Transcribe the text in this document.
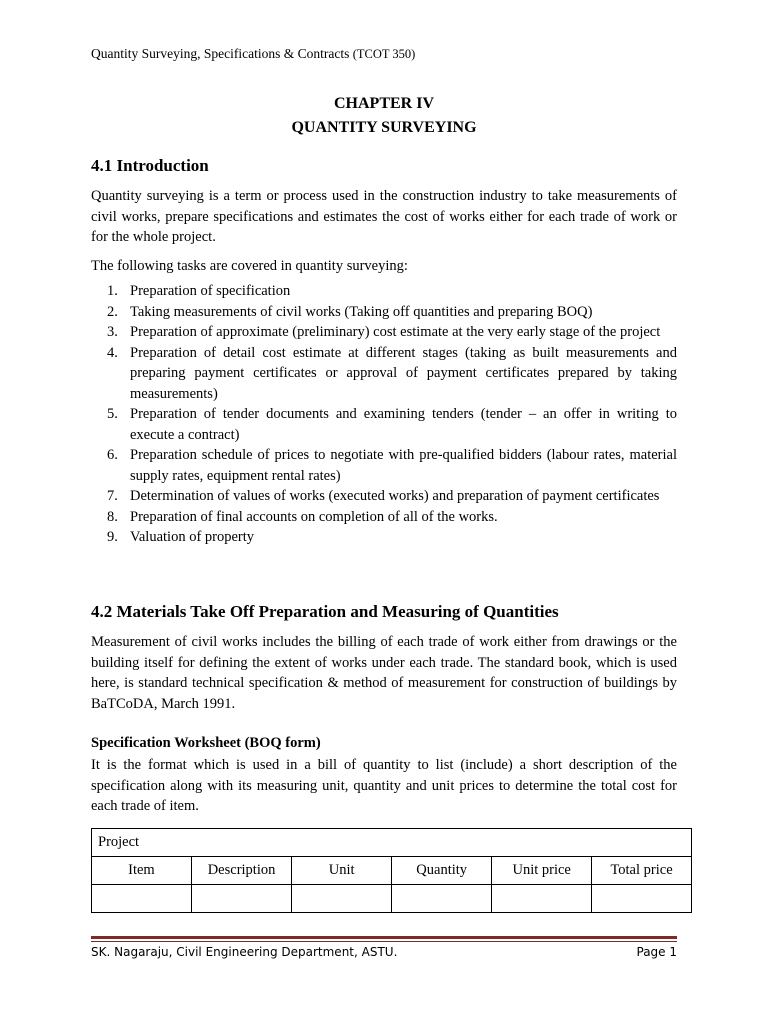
Quantity Surveying, Specifications & Contracts (TCOT 350)
CHAPTER IV
QUANTITY SURVEYING
4.1 Introduction

Quantity surveying is a term or process used in the construction industry to take measurements of civil works, prepare specifications and estimates the cost of works either for each trade of work or for the whole project.

The following tasks are covered in quantity surveying:

1. Preparation of specification
2. Taking measurements of civil works (Taking off quantities and preparing BOQ)
3. Preparation of approximate (preliminary) cost estimate at the very early stage of the project
4. Preparation of detail cost estimate at different stages (taking as built measurements and preparing payment certificates or approval of payment certificates prepared by taking measurements)
5. Preparation of tender documents and examining tenders (tender – an offer in writing to execute a contract)
6. Preparation schedule of prices to negotiate with pre-qualified bidders (labour rates, material supply rates, equipment rental rates)
7. Determination of values of works (executed works) and preparation of payment certificates
8. Preparation of final accounts on completion of all of the works.
9. Valuation of property
4.2 Materials Take Off Preparation and Measuring of Quantities

Measurement of civil works includes the billing of each trade of work either from drawings or the building itself for defining the extent of works under each trade. The standard book, which is used here, is standard technical specification & method of measurement for construction of buildings by BaTCoDA, March 1991.

Specification Worksheet (BOQ form)

It is the format which is used in a bill of quantity to list (include) a short description of the specification along with its measuring unit, quantity and unit prices to determine the total cost for each trade of item.

Project					
Item	Description	Unit	Quantity	Unit price	Total price

SK. Nagaraju, Civil Engineering Department, ASTU.	Page 1
